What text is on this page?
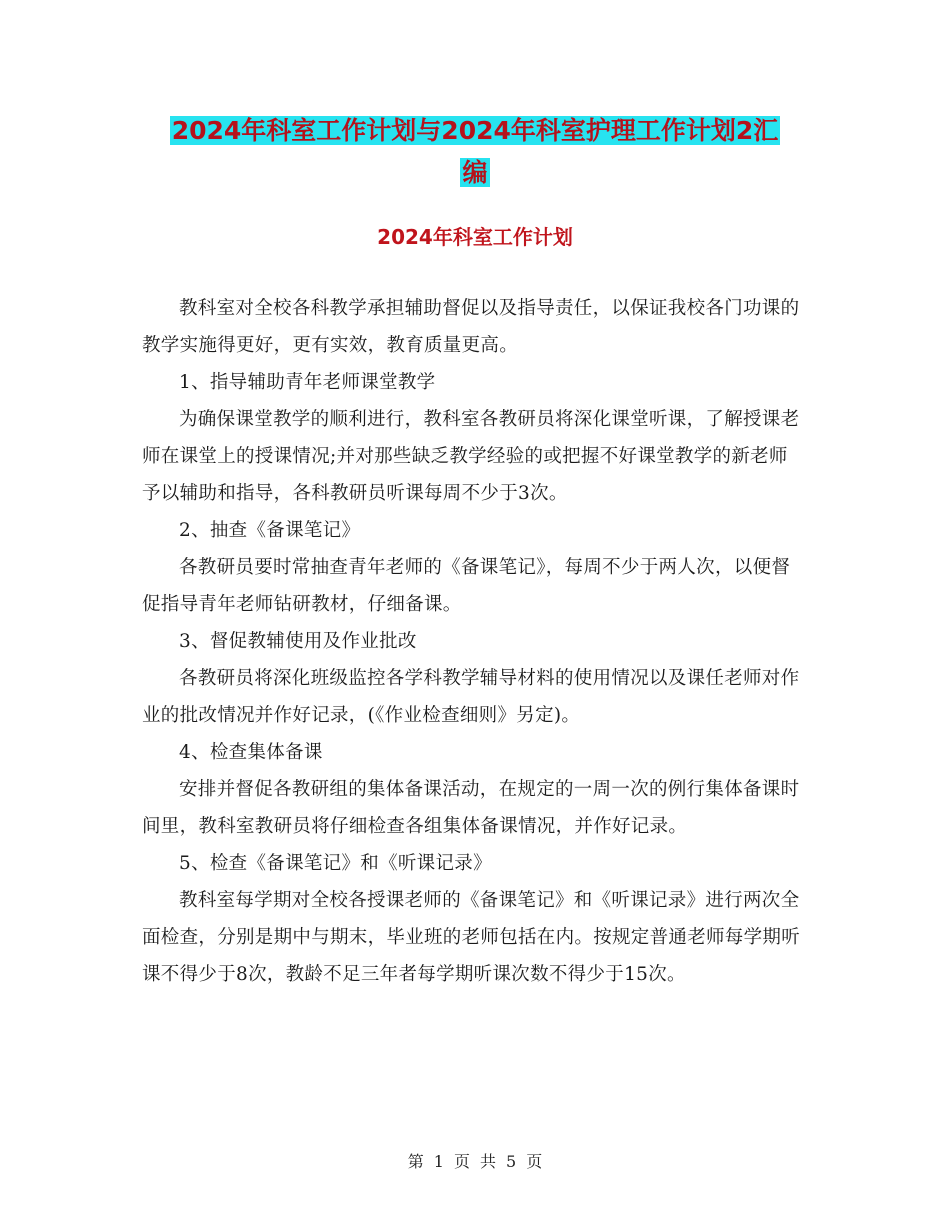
2024年科室工作计划与2024年科室护理工作计划2汇
编
2024年科室工作计划

教科室对全校各科教学承担辅助督促以及指导责任，以保证我校各门功课的教学实施得更好，更有实效，教育质量更高。

1、指导辅助青年老师课堂教学

为确保课堂教学的顺利进行，教科室各教研员将深化课堂听课，了解授课老师在课堂上的授课情况;并对那些缺乏教学经验的或把握不好课堂教学的新老师予以辅助和指导，各科教研员听课每周不少于3次。

2、抽查《备课笔记》

各教研员要时常抽查青年老师的《备课笔记》，每周不少于两人次，以便督促指导青年老师钻研教材，仔细备课。

3、督促教辅使用及作业批改

各教研员将深化班级监控各学科教学辅导材料的使用情况以及课任老师对作业的批改情况并作好记录，(《作业检查细则》另定)。

4、检查集体备课

安排并督促各教研组的集体备课活动，在规定的一周一次的例行集体备课时间里，教科室教研员将仔细检查各组集体备课情况，并作好记录。

5、检查《备课笔记》和《听课记录》

教科室每学期对全校各授课老师的《备课笔记》和《听课记录》进行两次全面检查，分别是期中与期末，毕业班的老师包括在内。按规定普通老师每学期听课不得少于8次，教龄不足三年者每学期听课次数不得少于15次。

第 1 页 共 5 页
